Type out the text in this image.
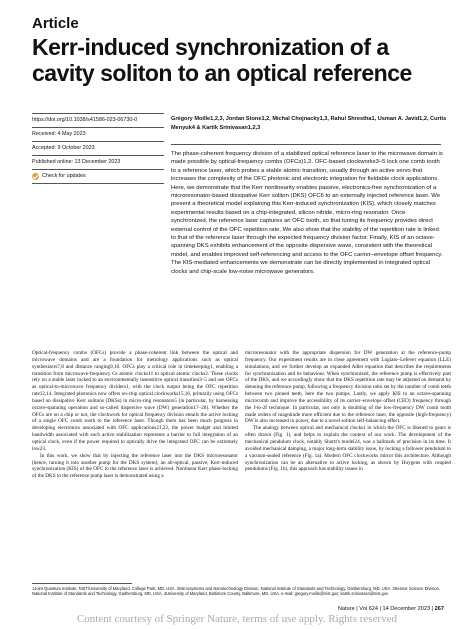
Article
Kerr-induced synchronization of a cavity soliton to an optical reference
https://doi.org/10.1038/s41586-023-06730-0
Received: 4 May 2023
Accepted: 9 October 2023
Published online: 13 December 2023
Check for updates
Grégory Moille1,2,3, Jordan Stone1,2, Michal Chojnacky1,3, Rahul Shrestha1, Usman A. Javid1,2, Curtis Menyuk4 & Kartik Srinivasan1,2,3

The phase-coherent frequency division of a stabilized optical reference laser to the microwave domain is made possible by optical-frequency combs (OFCs)1,2. OFC-based clockworks3–5 lock one comb tooth to a reference laser, which probes a stable atomic transition, usually through an active servo that increases the complexity of the OFC photonic and electronic integration for fieldable clock applications. Here, we demonstrate that the Kerr nonlinearity enables passive, electronics-free synchronization of a microresonator-based dissipative Kerr soliton (DKS) OFC6 to an externally injected reference laser. We present a theoretical model explaining this Kerr-induced synchronization (KIS), which closely matches experimental results based on a chip-integrated, silicon nitride, micro-ring resonator. Once synchronized, the reference laser captures an OFC tooth, so that tuning its frequency provides direct external control of the OFC repetition rate. We also show that the stability of the repetition rate is linked to that of the reference laser through the expected frequency division factor. Finally, KIS of an octave-spanning DKS exhibits enhancement of the opposite dispersive wave, consistent with the theoretical model, and enables improved self-referencing and access to the OFC carrier–envelope offset frequency. The KIS-mediated enhancements we demonstrate can be directly implemented in integrated optical clocks and chip-scale low-noise microwave generators.

Optical-frequency combs (OFCs) provide a phase-coherent link between the optical and microwave domains and are a foundation for metrology applications such as optical synthesizers7,8 and distance ranging9,10. OFCs play a critical role in timekeeping1, enabling a transition from microwave-frequency Cs atomic clocks11 to optical atomic clocks2. These clocks rely on a stable laser locked to an environmentally insensitive optical transition3–5 and use OFCs as optical-to-microwave frequency dividers1, with the clock output being the OFC repetition rate12,14. Integrated photonics now offers on-chip optical clockworks15,16, primarily using OFCs based on dissipative Kerr solitons (DKSs) in micro-ring resonators5 (in particular, by harnessing octave-spanning operation and so-called dispersive wave (DW) generation17–20). Whether the OFCs are on a chip or not, the clockwork for optical frequency division entails the active locking of a single OFC comb tooth to the reference laser. Though there has been much progress in developing electronics associated with OFC applications21,22, the power budget and limited bandwidth associated with such active stabilization represents a barrier to full integration of an optical clock, even if the power required to optically drive the integrated OFC can be extremely low23.

In this work, we show that by injecting the reference laser into the DKS microresonator (hence, turning it into another pump for the DKS system), an all-optical, passive, Kerr-induced synchronization (KIS) of the OFC to the reference laser is achieved. Nonlinear Kerr phase-locking of the DKS to the reference pump laser is demonstrated using a

microresonator with the appropriate dispersion for DW generation at the reference-pump frequency. Our experiment results are in close agreement with Lugiato–Lefever equation (LLE) simulations, and we further develop an expanded Adler equation that describes the requirements for synchronization and its behaviour. When synchronized, the reference pump is effectively part of the DKS, and we accordingly show that the DKS repetition rate may be adjusted on demand by detuning the reference pump, following a frequency division ratio set by the number of comb teeth between two pinned teeth, here the two pumps. Lastly, we apply KIS to an octave-spanning microcomb and improve the accessibility of its carrier–envelope offset (CEO) frequency through the f-to-2f technique. In particular, not only is doubling of the low-frequency DW comb tooth made orders of magnitude more efficient due to the reference laser, the opposite (high-frequency) DW is also increased in power, due to a novel soliton self-balancing effect.

The analogy between optical and mechanical clocks1 in which the OFC is likened to gears is often drawn (Fig. 1), and helps to explain the context of our work. The development of the mechanical pendulum clock, notably Shortt's model24, was a hallmark of precision in its time. It avoided mechanical damping, a major long-term stability issue, by locking a follower pendulum to a vacuum-sealed reference (Fig. 1a). Modern OFC clockworks mirror this architecture. Although synchronization can be an alternative to active locking, as shown by Huygens with coupled pendulums (Fig. 1b), this approach has stability issues in

1Joint Quantum Institute, NIST/University of Maryland, College Park, MD, USA. 2Microsystems and Nanotechnology Division, National Institute of Standards and Technology, Gaithersburg, MD, USA. 3Sensor Science Division, National Institute of Standards and Technology, Gaithersburg, MD, USA. 4University of Maryland, Baltimore County, Baltimore, MD, USA. e-mail: gregory.moille@nist.gov; kartik.srinivasan@nist.gov
Nature | Vol 624 | 14 December 2023 | 267
Content courtesy of Springer Nature, terms of use apply. Rights reserved
